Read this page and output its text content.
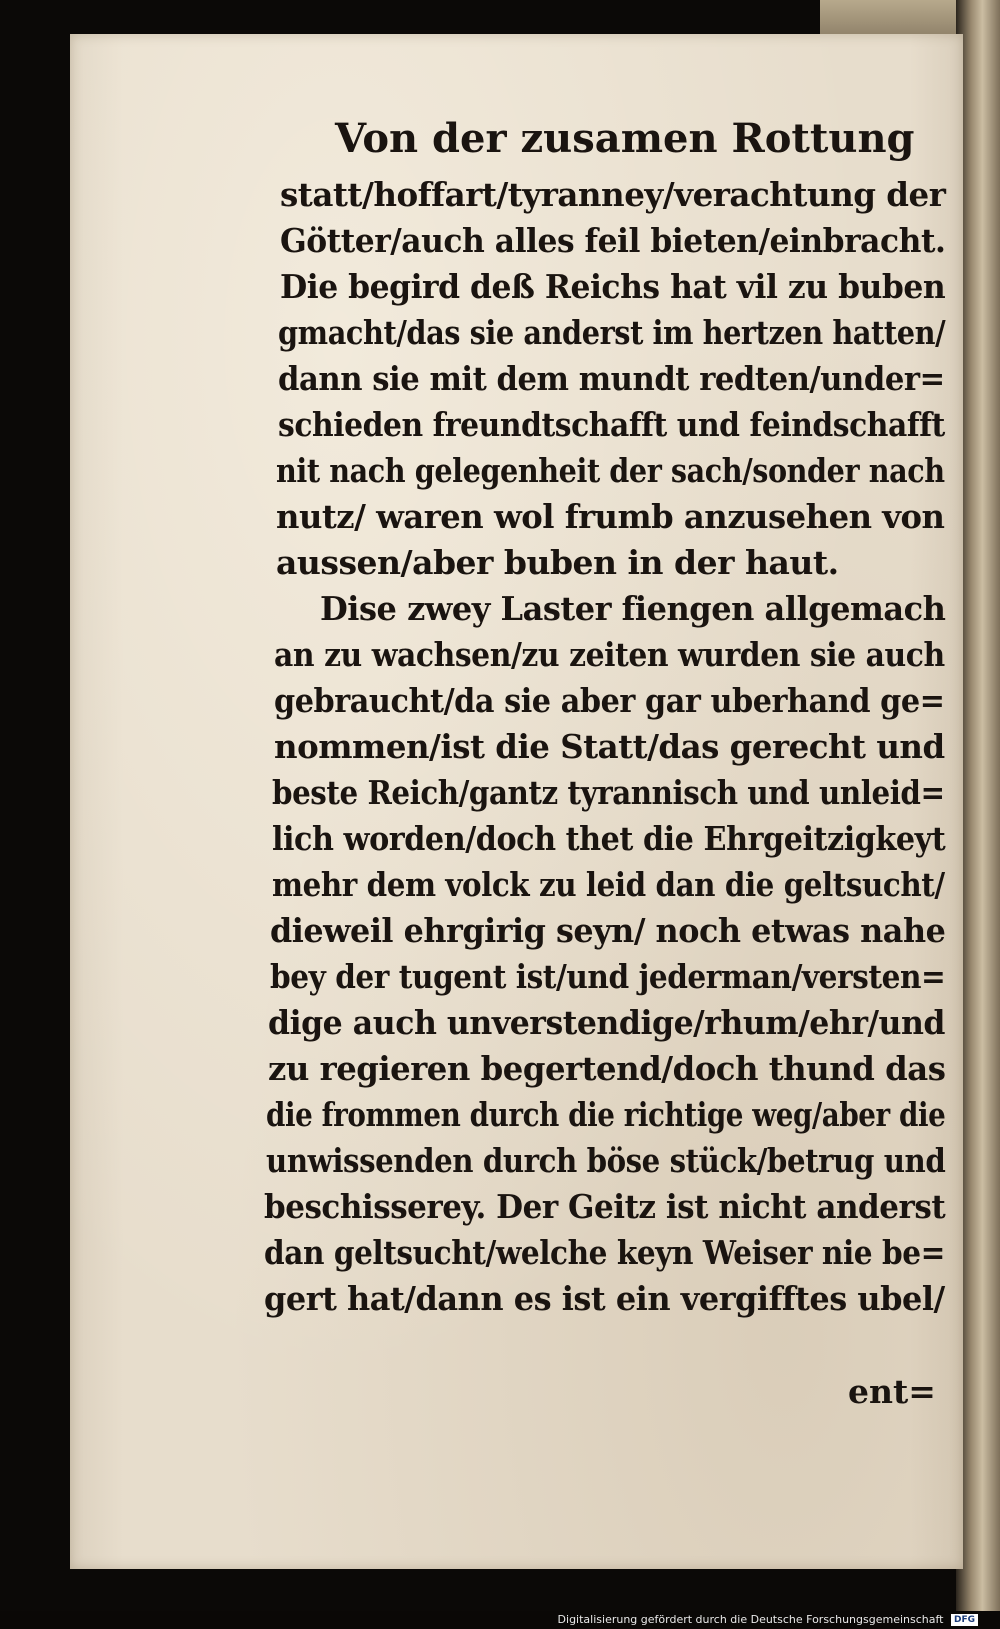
Von der zusamen Rottung
statt/hoffart/tyranney/verachtung der
Götter/auch alles feil bieten/einbracht.
Die begird deß Reichs hat vil zu buben
gmacht/das sie anderst im hertzen hatten/
dann sie mit dem mundt redten/under=
schieden freundtschafft und feindschafft
nit nach gelegenheit der sach/sonder nach
nutz/ waren wol frumb anzusehen von
aussen/aber buben in der haut.
Dise zwey Laster fiengen allgemach
an zu wachsen/zu zeiten wurden sie auch
gebraucht/da sie aber gar uberhand ge=
nommen/ist die Statt/das gerecht und
beste Reich/gantz tyrannisch und unleid=
lich worden/doch thet die Ehrgeitzigkeyt
mehr dem volck zu leid dan die geltsucht/
dieweil ehrgirig seyn/ noch etwas nahe
bey der tugent ist/und jederman/versten=
dige auch unverstendige/rhum/ehr/und
zu regieren begertend/doch thund das
die frommen durch die richtige weg/aber die
unwissenden durch böse stück/betrug und
beschisserey. Der Geitz ist nicht anderst
dan geltsucht/welche keyn Weiser nie be=
gert hat/dann es ist ein vergifftes ubel/
ent=
Digitalisierung gefördert durch die Deutsche Forschungsgemeinschaft DFG
